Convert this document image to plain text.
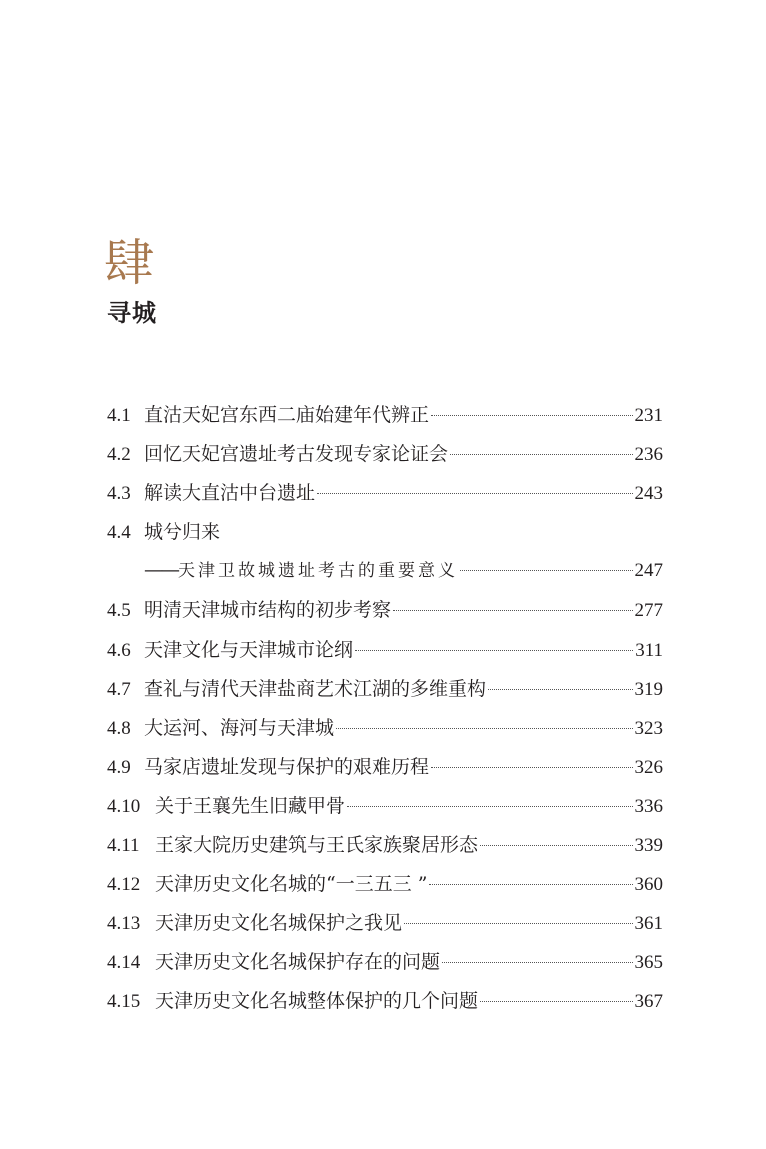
肆
寻城
4.1 直沽天妃宫东西二庙始建年代辨正	231
4.2 回忆天妃宫遗址考古发现专家论证会	236
4.3 解读大直沽中台遗址	243
4.4 城兮归来
—— 天津卫故城遗址考古的重要意义	247
4.5 明清天津城市结构的初步考察	277
4.6 天津文化与天津城市论纲	311
4.7 查礼与清代天津盐商艺术江湖的多维重构	319
4.8 大运河、海河与天津城	323
4.9 马家店遗址发现与保护的艰难历程	326
4.10 关于王襄先生旧藏甲骨	336
4.11 王家大院历史建筑与王氏家族聚居形态	339
4.12 天津历史文化名城的“一三五三 ”	360
4.13 天津历史文化名城保护之我见	361
4.14 天津历史文化名城保护存在的问题	365
4.15 天津历史文化名城整体保护的几个问题	367
